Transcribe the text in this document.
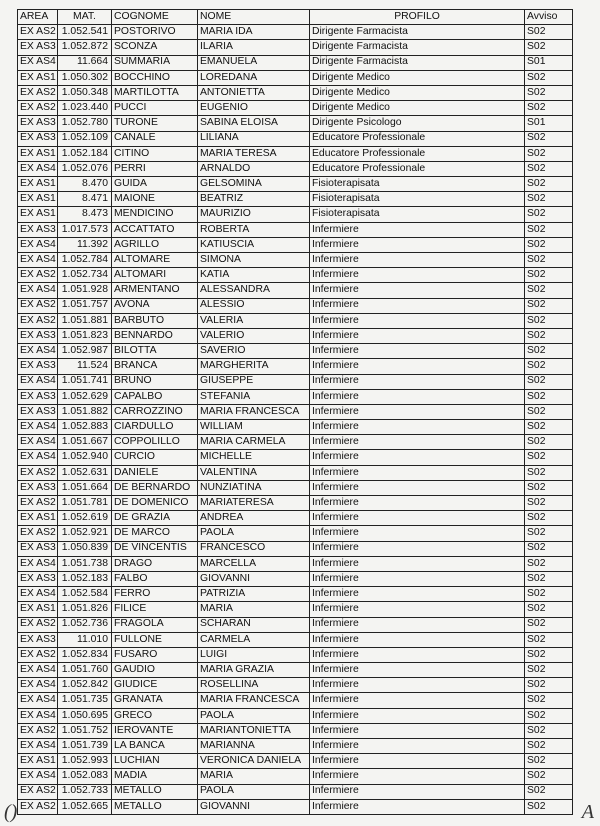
AREA	MAT.	COGNOME	NOME	PROFILO	Avviso
EX AS2	1.052.541	POSTORIVO	MARIA IDA	Dirigente Farmacista	S02
EX AS3	1.052.872	SCONZA	ILARIA	Dirigente Farmacista	S02
EX AS4	11.664	SUMMARIA	EMANUELA	Dirigente Farmacista	S01
EX AS1	1.050.302	BOCCHINO	LOREDANA	Dirigente Medico	S02
EX AS2	1.050.348	MARTILOTTA	ANTONIETTA	Dirigente Medico	S02
EX AS2	1.023.440	PUCCI	EUGENIO	Dirigente Medico	S02
EX AS3	1.052.780	TURONE	SABINA ELOISA	Dirigente Psicologo	S01
EX AS3	1.052.109	CANALE	LILIANA	Educatore Professionale	S02
EX AS1	1.052.184	CITINO	MARIA TERESA	Educatore Professionale	S02
EX AS4	1.052.076	PERRI	ARNALDO	Educatore Professionale	S02
EX AS1	8.470	GUIDA	GELSOMINA	Fisioterapisata	S02
EX AS1	8.471	MAIONE	BEATRIZ	Fisioterapisata	S02
EX AS1	8.473	MENDICINO	MAURIZIO	Fisioterapisata	S02
EX AS3	1.017.573	ACCATTATO	ROBERTA	Infermiere	S02
EX AS4	11.392	AGRILLO	KATIUSCIA	Infermiere	S02
EX AS4	1.052.784	ALTOMARE	SIMONA	Infermiere	S02
EX AS2	1.052.734	ALTOMARI	KATIA	Infermiere	S02
EX AS4	1.051.928	ARMENTANO	ALESSANDRA	Infermiere	S02
EX AS2	1.051.757	AVONA	ALESSIO	Infermiere	S02
EX AS2	1.051.881	BARBUTO	VALERIA	Infermiere	S02
EX AS3	1.051.823	BENNARDO	VALERIO	Infermiere	S02
EX AS4	1.052.987	BILOTTA	SAVERIO	Infermiere	S02
EX AS3	11.524	BRANCA	MARGHERITA	Infermiere	S02
EX AS4	1.051.741	BRUNO	GIUSEPPE	Infermiere	S02
EX AS3	1.052.629	CAPALBO	STEFANIA	Infermiere	S02
EX AS3	1.051.882	CARROZZINO	MARIA FRANCESCA	Infermiere	S02
EX AS4	1.052.883	CIARDULLO	WILLIAM	Infermiere	S02
EX AS4	1.051.667	COPPOLILLO	MARIA CARMELA	Infermiere	S02
EX AS4	1.052.940	CURCIO	MICHELLE	Infermiere	S02
EX AS2	1.052.631	DANIELE	VALENTINA	Infermiere	S02
EX AS3	1.051.664	DE BERNARDO	NUNZIATINA	Infermiere	S02
EX AS2	1.051.781	DE DOMENICO	MARIATERESA	Infermiere	S02
EX AS1	1.052.619	DE GRAZIA	ANDREA	Infermiere	S02
EX AS2	1.052.921	DE MARCO	PAOLA	Infermiere	S02
EX AS3	1.050.839	DE VINCENTIS	FRANCESCO	Infermiere	S02
EX AS4	1.051.738	DRAGO	MARCELLA	Infermiere	S02
EX AS3	1.052.183	FALBO	GIOVANNI	Infermiere	S02
EX AS4	1.052.584	FERRO	PATRIZIA	Infermiere	S02
EX AS1	1.051.826	FILICE	MARIA	Infermiere	S02
EX AS2	1.052.736	FRAGOLA	SCHARAN	Infermiere	S02
EX AS3	11.010	FULLONE	CARMELA	Infermiere	S02
EX AS2	1.052.834	FUSARO	LUIGI	Infermiere	S02
EX AS4	1.051.760	GAUDIO	MARIA GRAZIA	Infermiere	S02
EX AS4	1.052.842	GIUDICE	ROSELLINA	Infermiere	S02
EX AS4	1.051.735	GRANATA	MARIA FRANCESCA	Infermiere	S02
EX AS4	1.050.695	GRECO	PAOLA	Infermiere	S02
EX AS2	1.051.752	IEROVANTE	MARIANTONIETTA	Infermiere	S02
EX AS4	1.051.739	LA BANCA	MARIANNA	Infermiere	S02
EX AS1	1.052.993	LUCHIAN	VERONICA DANIELA	Infermiere	S02
EX AS4	1.052.083	MADIA	MARIA	Infermiere	S02
EX AS2	1.052.733	METALLO	PAOLA	Infermiere	S02
EX AS2	1.052.665	METALLO	GIOVANNI	Infermiere	S02
()	A
